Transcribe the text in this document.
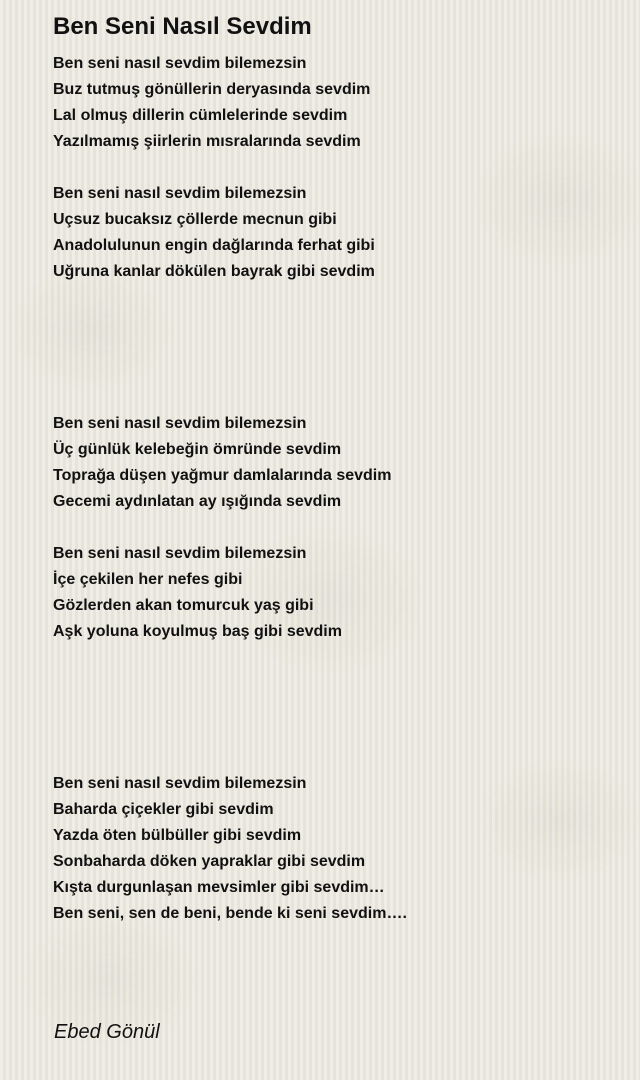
Ben Seni Nasıl Sevdim
Ben seni nasıl sevdim bilemezsin
Buz tutmuş gönüllerin deryasında sevdim
Lal olmuş dillerin cümlelerinde sevdim
Yazılmamış şiirlerin mısralarında sevdim
Ben seni nasıl sevdim bilemezsin
Uçsuz bucaksız çöllerde mecnun gibi
Anadolulunun engin dağlarında ferhat gibi
Uğruna kanlar dökülen bayrak gibi sevdim
Ben seni nasıl sevdim bilemezsin
Üç günlük kelebeğin ömründe sevdim
Toprağa düşen yağmur damlalarında sevdim
Gecemi aydınlatan ay ışığında sevdim
Ben seni nasıl sevdim bilemezsin
İçe çekilen her nefes gibi
Gözlerden akan tomurcuk yaş gibi
Aşk yoluna koyulmuş baş gibi sevdim
Ben seni nasıl sevdim bilemezsin
Baharda çiçekler gibi sevdim
Yazda öten bülbüller gibi sevdim
Sonbaharda döken yapraklar gibi sevdim
Kışta durgunlaşan mevsimler gibi sevdim…
Ben seni, sen de beni, bende ki seni sevdim….
Ebed Gönül
